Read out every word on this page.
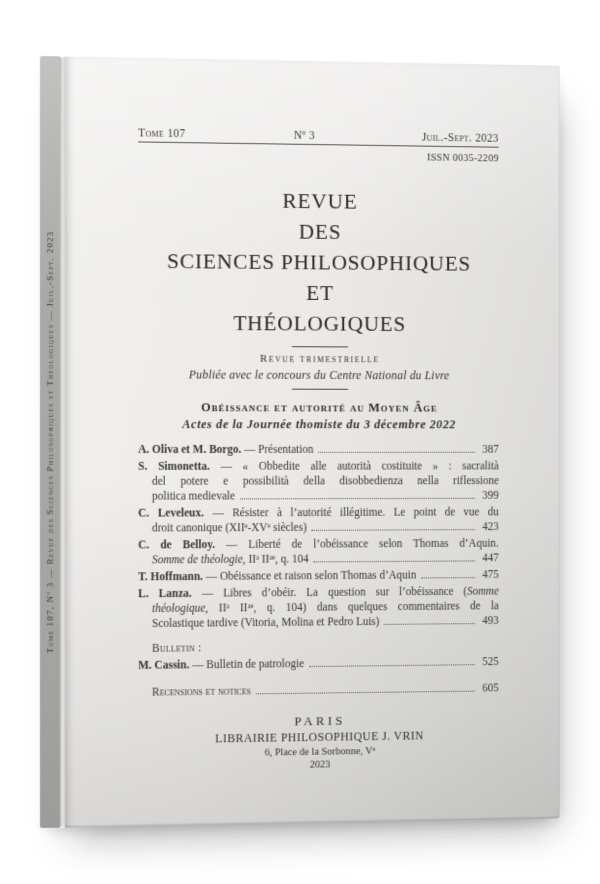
Tome 107, Nº 3 — Revue des Sciences Philosophiques et Théologiques — Juil.-Sept. 2023
Tome 107	Nº 3	Juil.-Sept. 2023
ISSN 0035-2209
REVUE
DES
SCIENCES PHILOSOPHIQUES
ET
THÉOLOGIQUES
Revue trimestrielle
Publiée avec le concours du Centre National du Livre
Obéissance et autorité au Moyen Âge
Actes de la Journée thomiste du 3 décembre 2022
A. Oliva et M. Borgo. — Présentation	387
S. Simonetta. — « Obbedite alle autorità costituite » : sacralità
del potere e possibilità della disobbedienza nella riflessione
politica medievale	399
C. Leveleux. — Résister à l’autorité illégitime. Le point de vue du
droit canonique (XIIᵉ-XVᵉ siècles)	423
C. de Belloy. — Liberté de l’obéissance selon Thomas d’Aquin.
Somme de théologie, IIᵃ IIᵃᵉ, q. 104	447
T. Hoffmann. — Obéissance et raison selon Thomas d’Aquin	475
L. Lanza. — Libres d’obéir. La question sur l’obéissance (Somme
théologique, IIᵃ IIᵃᵉ, q. 104) dans quelques commentaires de la
Scolastique tardive (Vitoria, Molina et Pedro Luis)	493
Bulletin :
M. Cassin. — Bulletin de patrologie	525
Recensions et notices	605
PARIS
LIBRAIRIE PHILOSOPHIQUE J. VRIN
6, Place de la Sorbonne, Vᵉ
2023
